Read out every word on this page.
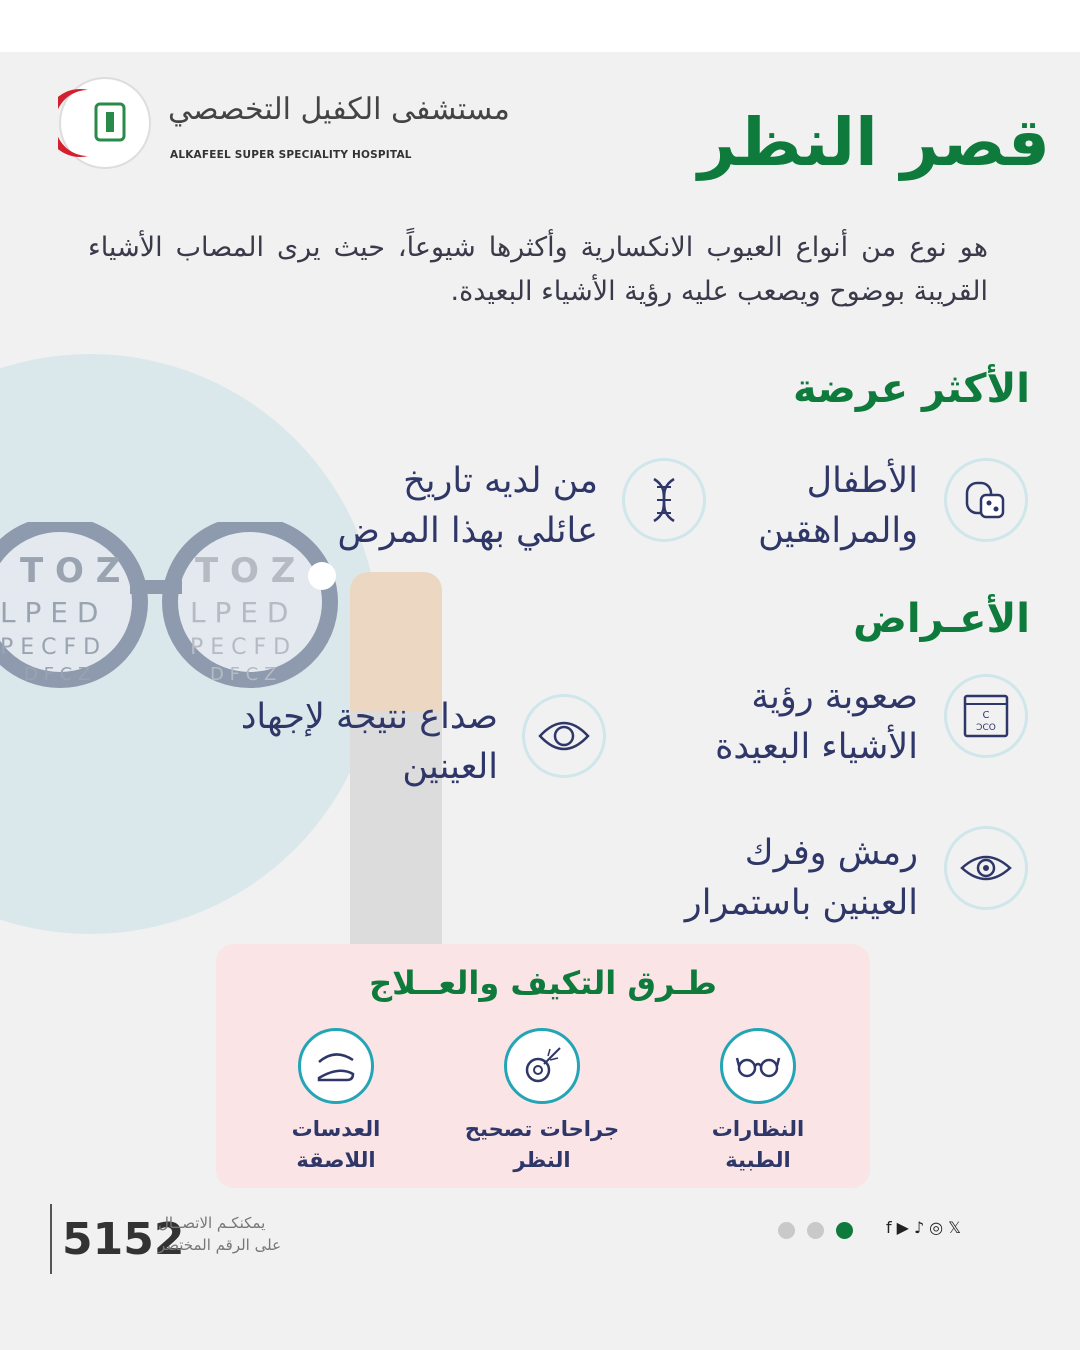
T O Z T O Z
L P E D	L P E D
P E C F D	P E C F D
D F C Z	D F C Z
مستشفى الكفيل التخصصي
ALKAFEEL SUPER SPECIALITY HOSPITAL	قصر النظر
هو نوع من أنواع العيوب الانكسارية وأكثرها شيوعاً، حيث يرى المصاب الأشياء القريبة بوضوح ويصعب عليه رؤية الأشياء البعيدة.
الأكثر عرضة
الأطفال
والمراهقين
من لديه تاريخ
عائلي بهذا المرض
الأعـراض
C
ƆCO
صعوبة رؤية
الأشياء البعيدة
صداع نتيجة لإجهاد
العينين
رمش وفرك
العينين باستمرار
طـرق التكيف والعــلاج
النظارات
الطبية
جراحات تصحيح
النظر
العدسات
اللاصقة
5152
يمكنكـم الاتصــال
على الرقم المختصر

f▶♪◎𝕏
